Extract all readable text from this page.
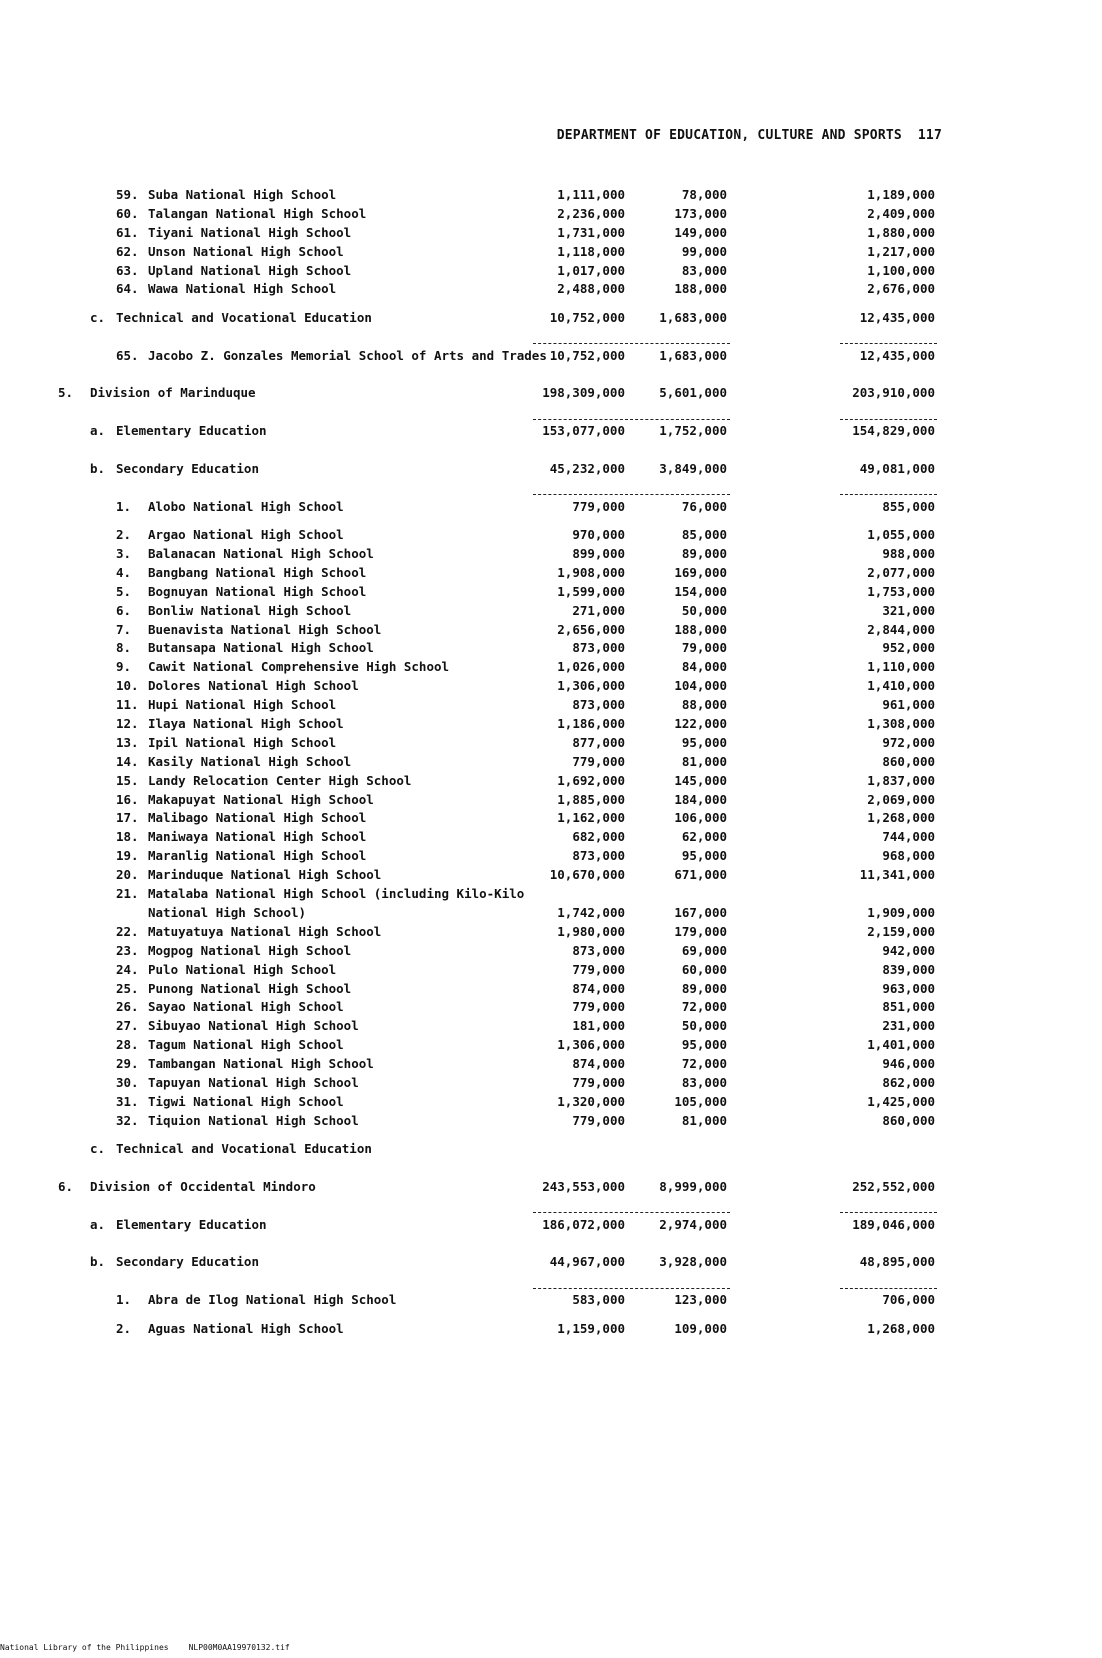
DEPARTMENT OF EDUCATION, CULTURE AND SPORTS 117
59. Suba National High School	1,111,000	78,000	1,189,000
60. Talangan National High School	2,236,000	173,000	2,409,000
61. Tiyani National High School	1,731,000	149,000	1,880,000
62. Unson National High School	1,118,000	99,000	1,217,000
63. Upland National High School	1,017,000	83,000	1,100,000
64. Wawa National High School	2,488,000	188,000	2,676,000
c. Technical and Vocational Education	10,752,000	1,683,000	12,435,000
65. Jacobo Z. Gonzales Memorial School of Arts and Trades 10,752,000	1,683,000	12,435,000
5. Division of Marinduque	198,309,000	5,601,000	203,910,000
a. Elementary Education	153,077,000	1,752,000	154,829,000
b. Secondary Education	45,232,000	3,849,000	49,081,000
1. Alobo National High School	779,000	76,000	855,000
2. Argao National High School	970,000	85,000	1,055,000
3. Balanacan National High School	899,000	89,000	988,000
4. Bangbang National High School	1,908,000	169,000	2,077,000
5. Bognuyan National High School	1,599,000	154,000	1,753,000
6. Bonliw National High School	271,000	50,000	321,000
7. Buenavista National High School	2,656,000	188,000	2,844,000
8. Butansapa National High School	873,000	79,000	952,000
9. Cawit National Comprehensive High School	1,026,000	84,000	1,110,000
10. Dolores National High School	1,306,000	104,000	1,410,000
11. Hupi National High School	873,000	88,000	961,000
12. Ilaya National High School	1,186,000	122,000	1,308,000
13. Ipil National High School	877,000	95,000	972,000
14. Kasily National High School	779,000	81,000	860,000
15. Landy Relocation Center High School	1,692,000	145,000	1,837,000
16. Makapuyat National High School	1,885,000	184,000	2,069,000
17. Malibago National High School	1,162,000	106,000	1,268,000
18. Maniwaya National High School	682,000	62,000	744,000
19. Maranlig National High School	873,000	95,000	968,000
20. Marinduque National High School	10,670,000	671,000	11,341,000
21. Matalaba National High School (including Kilo-Kilo
National High School)	1,742,000	167,000	1,909,000
22. Matuyatuya National High School	1,980,000	179,000	2,159,000
23. Mogpog National High School	873,000	69,000	942,000
24. Pulo National High School	779,000	60,000	839,000
25. Punong National High School	874,000	89,000	963,000
26. Sayao National High School	779,000	72,000	851,000
27. Sibuyao National High School	181,000	50,000	231,000
28. Tagum National High School	1,306,000	95,000	1,401,000
29. Tambangan National High School	874,000	72,000	946,000
30. Tapuyan National High School	779,000	83,000	862,000
31. Tigwi National High School	1,320,000	105,000	1,425,000
32. Tiquion National High School	779,000	81,000	860,000
c. Technical and Vocational Education
6. Division of Occidental Mindoro	243,553,000	8,999,000	252,552,000
a. Elementary Education	186,072,000	2,974,000	189,046,000
b. Secondary Education	44,967,000	3,928,000	48,895,000
1. Abra de Ilog National High School	583,000	123,000	706,000
2. Aguas National High School	1,159,000	109,000	1,268,000
National Library of the Philippines	NLP00M0AA19970132.tif
